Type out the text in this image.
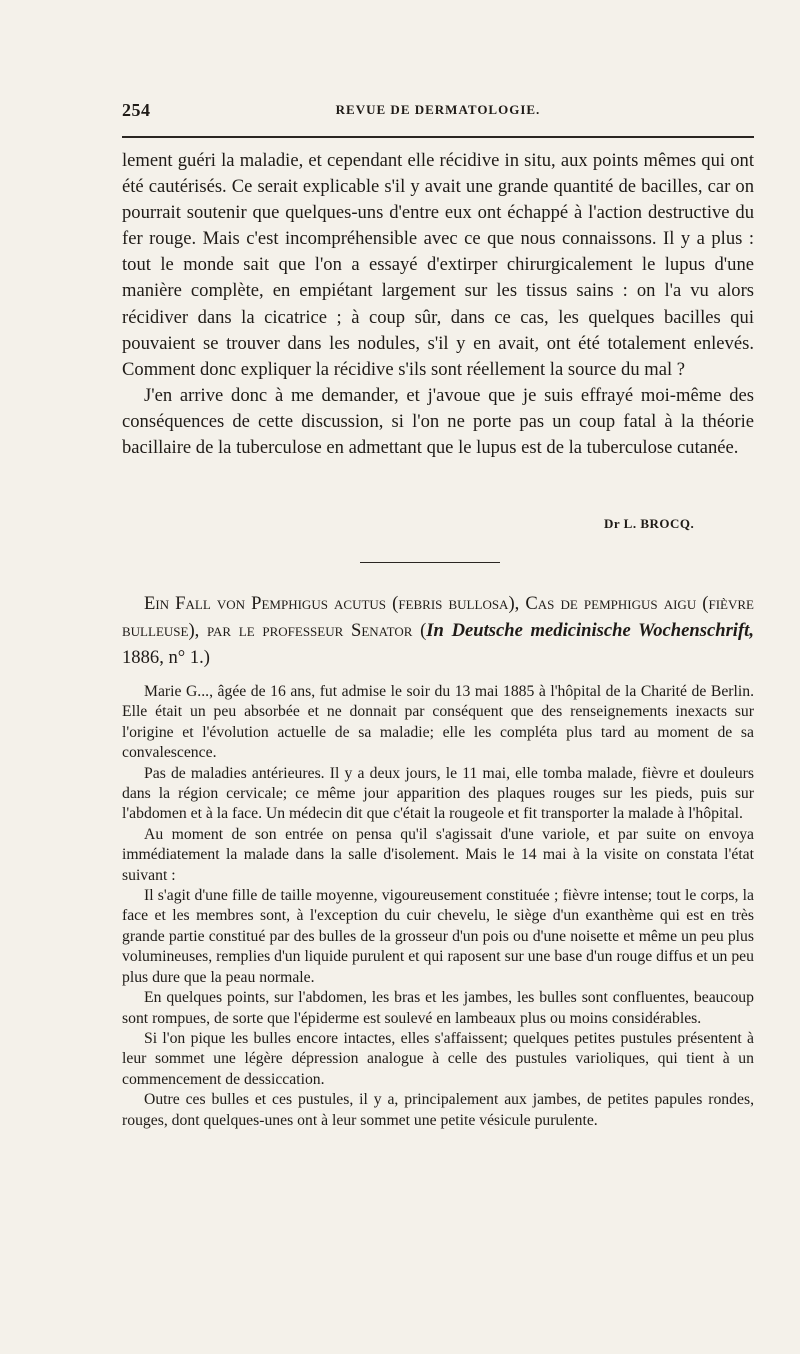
254	REVUE DE DERMATOLOGIE.

lement guéri la maladie, et cependant elle récidive in situ, aux points mêmes qui ont été cautérisés. Ce serait explicable s'il y avait une grande quantité de bacilles, car on pourrait soutenir que quelques-uns d'entre eux ont échappé à l'action destructive du fer rouge. Mais c'est incompréhensible avec ce que nous connaissons. Il y a plus : tout le monde sait que l'on a essayé d'extirper chirurgicalement le lupus d'une manière complète, en empiétant largement sur les tissus sains : on l'a vu alors récidiver dans la cicatrice ; à coup sûr, dans ce cas, les quelques bacilles qui pouvaient se trouver dans les nodules, s'il y en avait, ont été totalement enlevés. Comment donc expliquer la récidive s'ils sont réellement la source du mal ?

J'en arrive donc à me demander, et j'avoue que je suis effrayé moi-même des conséquences de cette discussion, si l'on ne porte pas un coup fatal à la théorie bacillaire de la tuberculose en admettant que le lupus est de la tuberculose cutanée.

Dr L. BROCQ.
Ein Fall von Pemphigus acutus (febris bullosa), Cas de pemphigus aigu (fièvre bulleuse), par le professeur Senator (In Deutsche medicinische Wochenschrift, 1886, n° 1.)

Marie G..., âgée de 16 ans, fut admise le soir du 13 mai 1885 à l'hôpital de la Charité de Berlin. Elle était un peu absorbée et ne donnait par conséquent que des renseignements inexacts sur l'origine et l'évolution actuelle de sa maladie; elle les compléta plus tard au moment de sa convalescence.

Pas de maladies antérieures. Il y a deux jours, le 11 mai, elle tomba malade, fièvre et douleurs dans la région cervicale; ce même jour apparition des plaques rouges sur les pieds, puis sur l'abdomen et à la face. Un médecin dit que c'était la rougeole et fit transporter la malade à l'hôpital.

Au moment de son entrée on pensa qu'il s'agissait d'une variole, et par suite on envoya immédiatement la malade dans la salle d'isolement. Mais le 14 mai à la visite on constata l'état suivant :

Il s'agit d'une fille de taille moyenne, vigoureusement constituée ; fièvre intense; tout le corps, la face et les membres sont, à l'exception du cuir chevelu, le siège d'un exanthème qui est en très grande partie constitué par des bulles de la grosseur d'un pois ou d'une noisette et même un peu plus volumineuses, remplies d'un liquide purulent et qui raposent sur une base d'un rouge diffus et un peu plus dure que la peau normale.

En quelques points, sur l'abdomen, les bras et les jambes, les bulles sont confluentes, beaucoup sont rompues, de sorte que l'épiderme est soulevé en lambeaux plus ou moins considérables.

Si l'on pique les bulles encore intactes, elles s'affaissent; quelques petites pustules présentent à leur sommet une légère dépression analogue à celle des pustules varioliques, qui tient à un commencement de dessiccation.

Outre ces bulles et ces pustules, il y a, principalement aux jambes, de petites papules rondes, rouges, dont quelques-unes ont à leur sommet une petite vésicule purulente.
